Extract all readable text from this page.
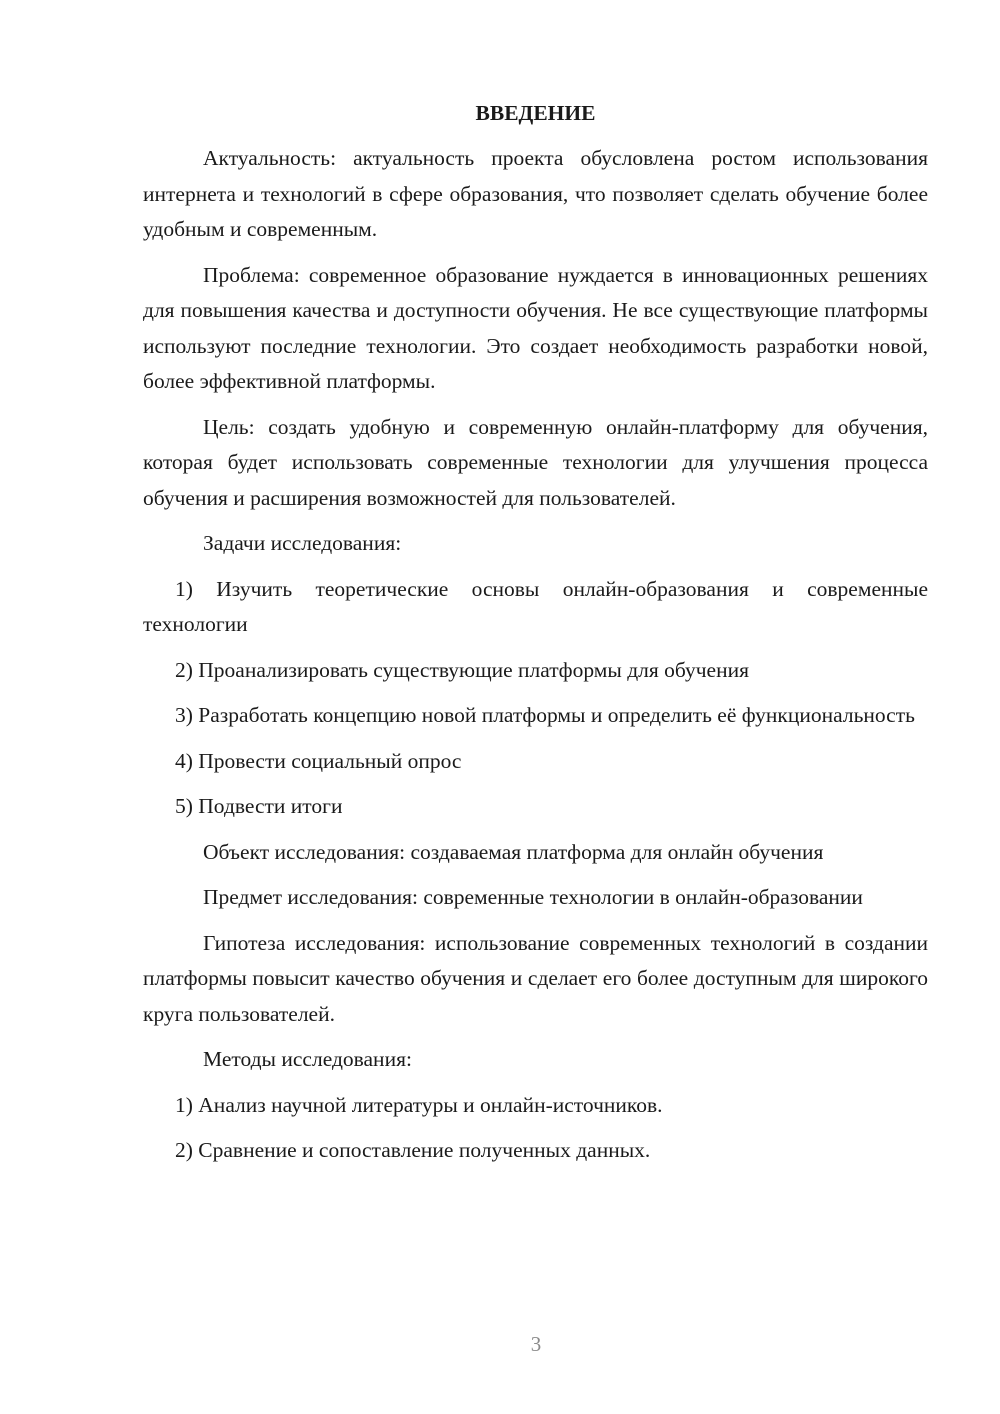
ВВЕДЕНИЕ

Актуальность: актуальность проекта обусловлена ростом использования интернета и технологий в сфере образования, что позволяет сделать обучение более удобным и современным.

Проблема: современное образование нуждается в инновационных решениях для повышения качества и доступности обучения. Не все существующие платформы используют последние технологии. Это создает необходимость разработки новой, более эффективной платформы.

Цель: создать удобную и современную онлайн-платформу для обучения, которая будет использовать современные технологии для улучшения процесса обучения и расширения возможностей для пользователей.

Задачи исследования:

1) Изучить теоретические основы онлайн-образования и современные технологии

2) Проанализировать существующие платформы для обучения

3) Разработать концепцию новой платформы и определить её функциональность

4) Провести социальный опрос

5) Подвести итоги

Объект исследования: создаваемая платформа для онлайн обучения

Предмет исследования: современные технологии в онлайн-образовании

Гипотеза исследования: использование современных технологий в создании платформы повысит качество обучения и сделает его более доступным для широкого круга пользователей.

Методы исследования:

1) Анализ научной литературы и онлайн-источников.

2) Сравнение и сопоставление полученных данных.

3
